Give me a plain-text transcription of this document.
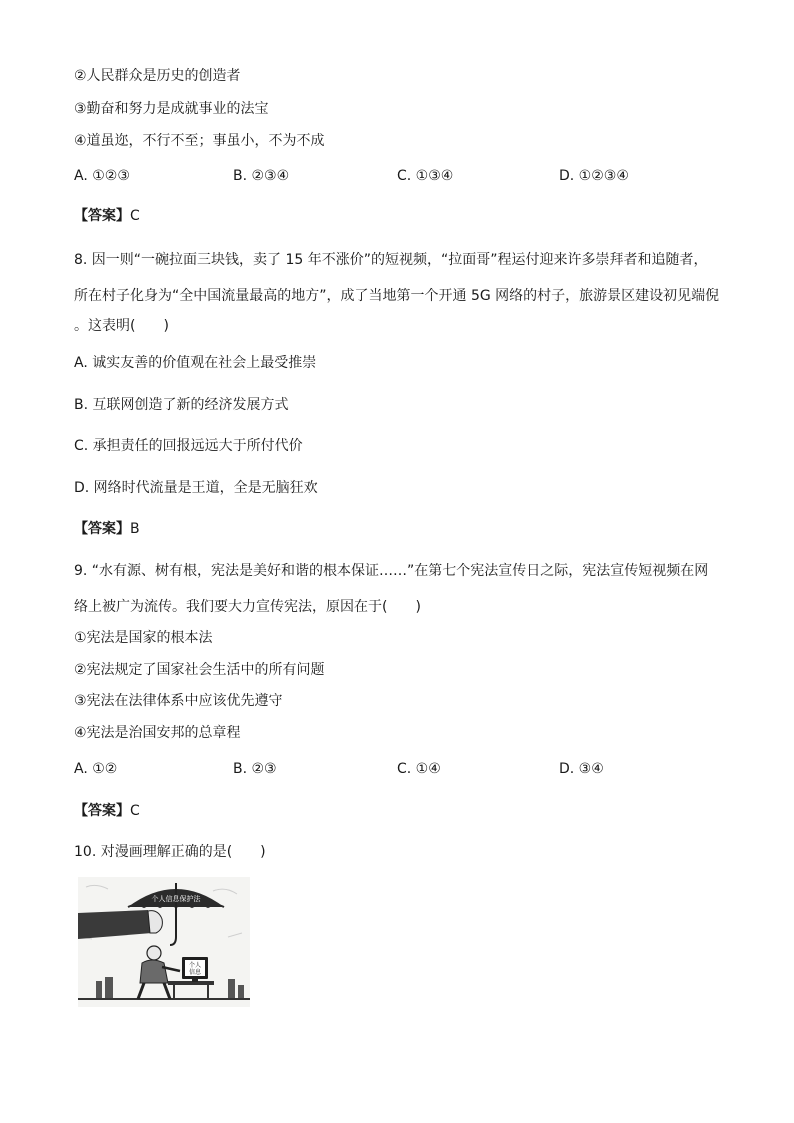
②人民群众是历史的创造者
③勤奋和努力是成就事业的法宝
④道虽迩，不行不至；事虽小，不为不成
A. ①②③	B. ②③④	C. ①③④	D. ①②③④
【答案】C
8. 因一则“一碗拉面三块钱，卖了 15 年不涨价”的短视频，“拉面哥”程运付迎来许多崇拜者和追随者，
所在村子化身为“全中国流量最高的地方”，成了当地第一个开通 5G 网络的村子，旅游景区建设初见端倪
。这表明(　　)
A. 诚实友善的价值观在社会上最受推崇
B. 互联网创造了新的经济发展方式
C. 承担责任的回报远远大于所付代价
D. 网络时代流量是王道，全是无脑狂欢
【答案】B
9. “水有源、树有根，宪法是美好和谐的根本保证……”在第七个宪法宣传日之际，宪法宣传短视频在网
络上被广为流传。我们要大力宣传宪法，原因在于(　　)
①宪法是国家的根本法
②宪法规定了国家社会生活中的所有问题
③宪法在法律体系中应该优先遵守
④宪法是治国安邦的总章程
A. ①②	B. ②③	C. ①④	D. ③④
【答案】C
10. 对漫画理解正确的是(　　)
个人信息保护法
个人
信息
